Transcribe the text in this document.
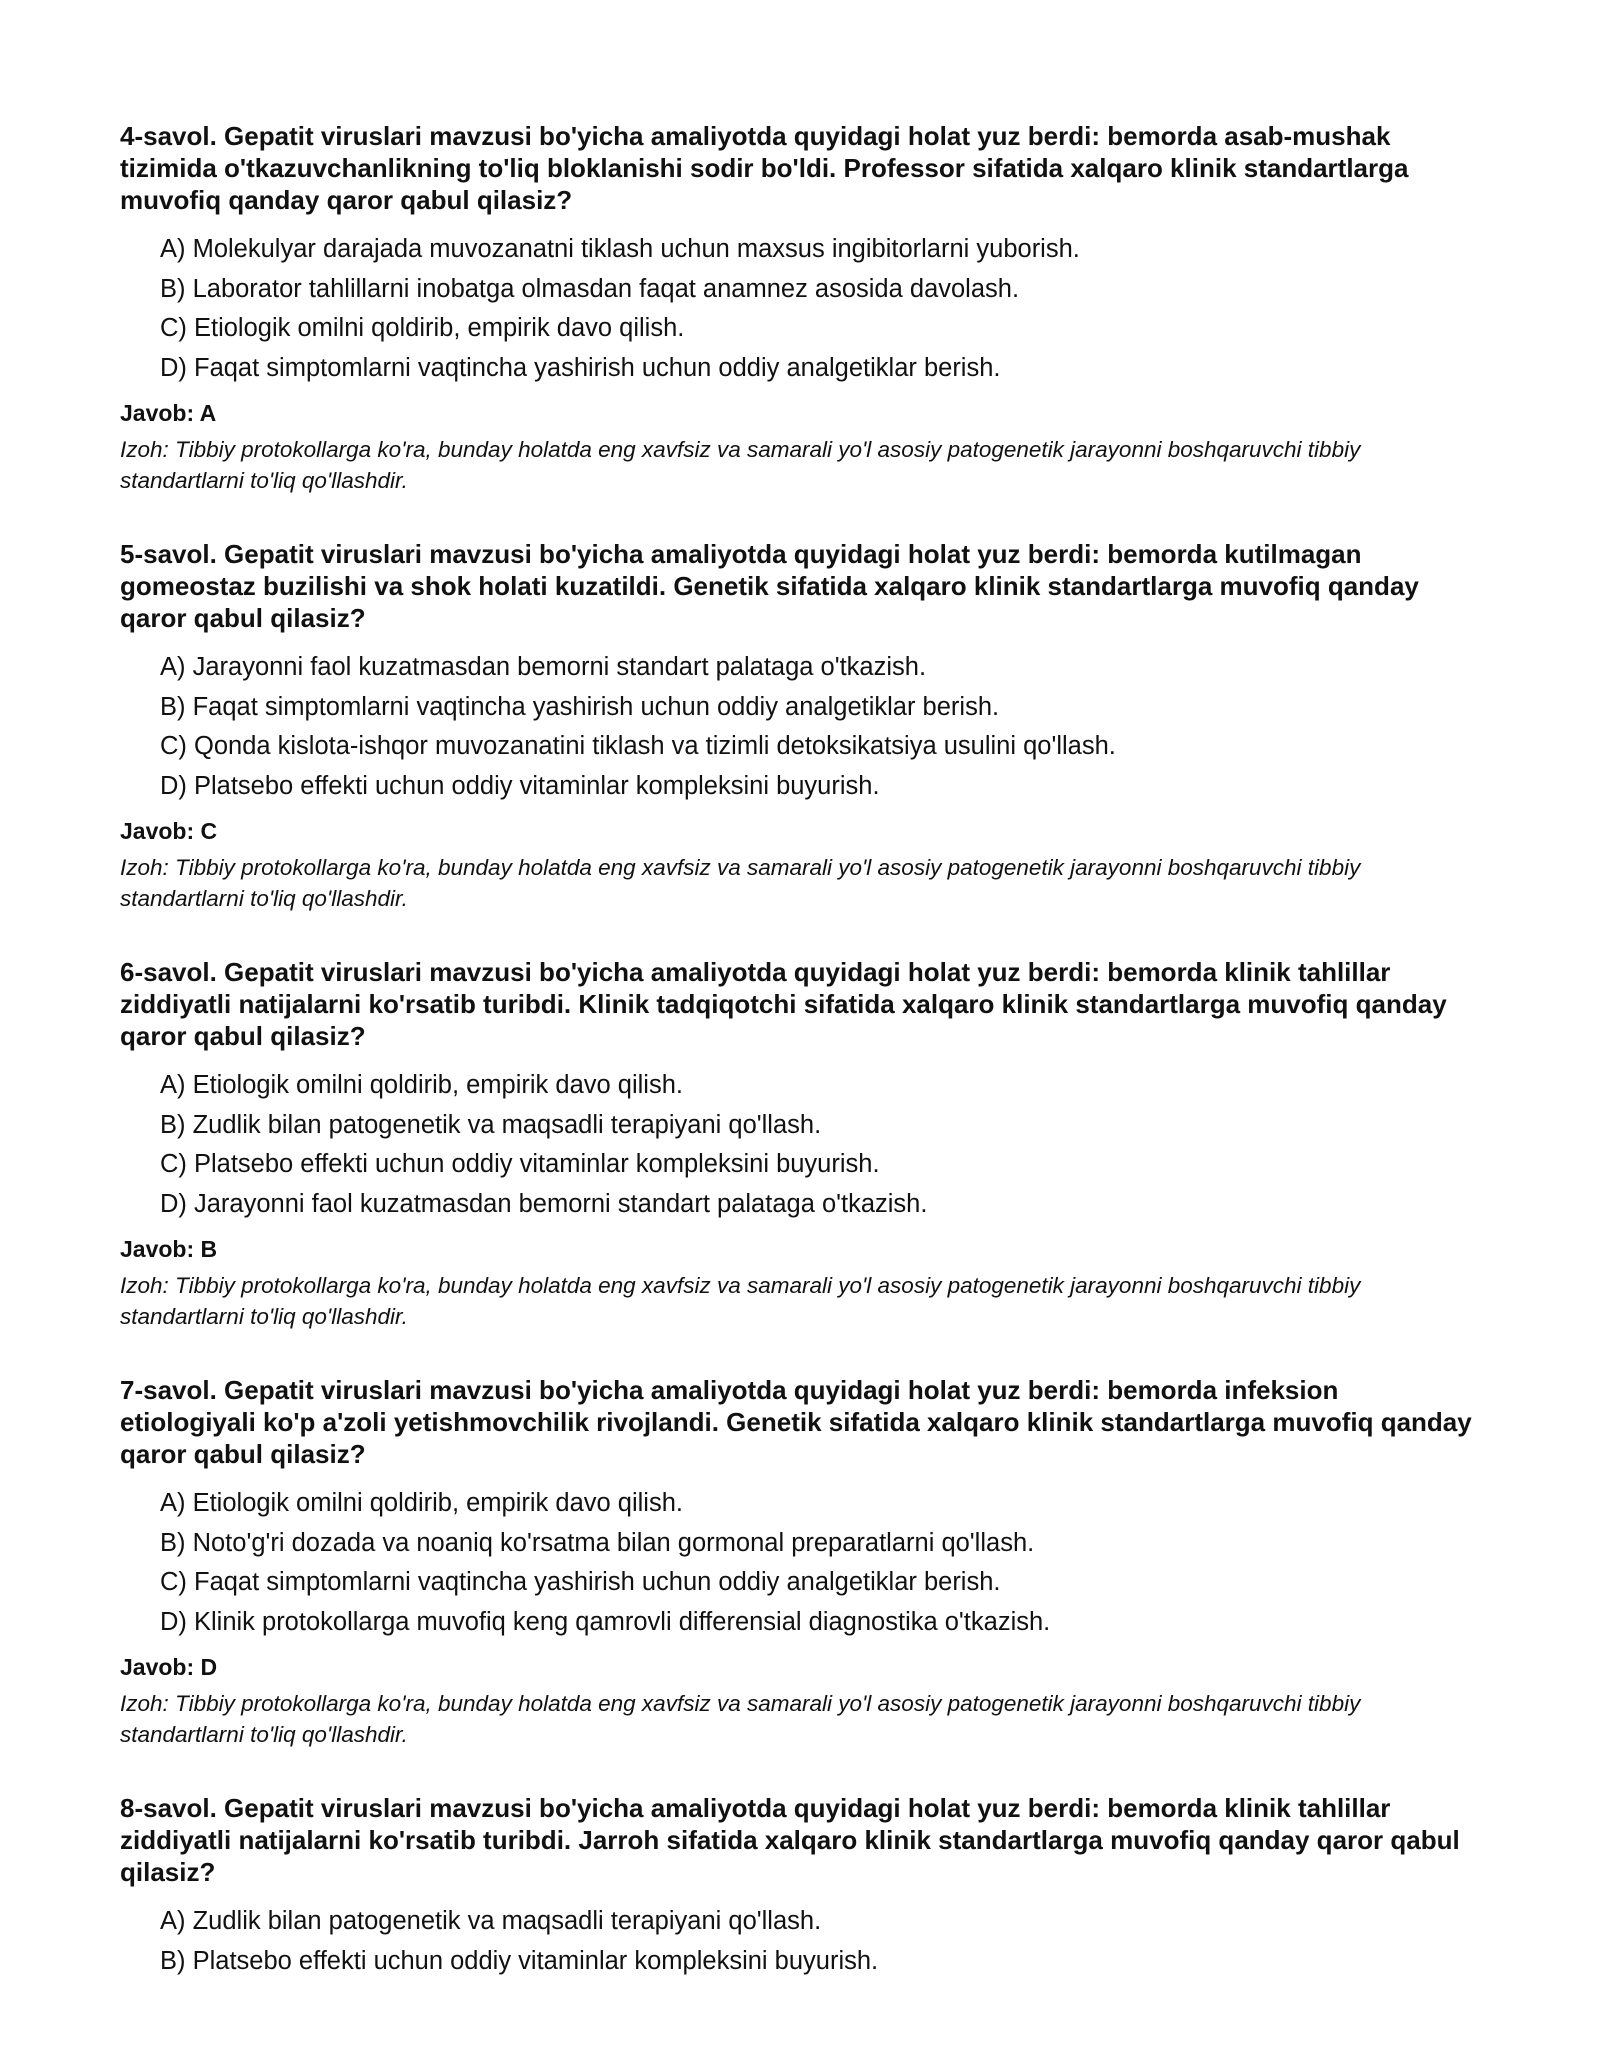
4-savol. Gepatit viruslari mavzusi bo'yicha amaliyotda quyidagi holat yuz berdi: bemorda asab-mushak tizimida o'tkazuvchanlikning to'liq bloklanishi sodir bo'ldi. Professor sifatida xalqaro klinik standartlarga muvofiq qanday qaror qabul qilasiz?
A) Molekulyar darajada muvozanatni tiklash uchun maxsus ingibitorlarni yuborish.
B) Laborator tahlillarni inobatga olmasdan faqat anamnez asosida davolash.
C) Etiologik omilni qoldirib, empirik davo qilish.
D) Faqat simptomlarni vaqtincha yashirish uchun oddiy analgetiklar berish.
Javob: A

Izoh: Tibbiy protokollarga ko'ra, bunday holatda eng xavfsiz va samarali yo'l asosiy patogenetik jarayonni boshqaruvchi tibbiy standartlarni to'liq qo'llashdir.

5-savol. Gepatit viruslari mavzusi bo'yicha amaliyotda quyidagi holat yuz berdi: bemorda kutilmagan gomeostaz buzilishi va shok holati kuzatildi. Genetik sifatida xalqaro klinik standartlarga muvofiq qanday qaror qabul qilasiz?
A) Jarayonni faol kuzatmasdan bemorni standart palataga o'tkazish.
B) Faqat simptomlarni vaqtincha yashirish uchun oddiy analgetiklar berish.
C) Qonda kislota-ishqor muvozanatini tiklash va tizimli detoksikatsiya usulini qo'llash.
D) Platsebo effekti uchun oddiy vitaminlar kompleksini buyurish.
Javob: C

Izoh: Tibbiy protokollarga ko'ra, bunday holatda eng xavfsiz va samarali yo'l asosiy patogenetik jarayonni boshqaruvchi tibbiy standartlarni to'liq qo'llashdir.

6-savol. Gepatit viruslari mavzusi bo'yicha amaliyotda quyidagi holat yuz berdi: bemorda klinik tahlillar ziddiyatli natijalarni ko'rsatib turibdi. Klinik tadqiqotchi sifatida xalqaro klinik standartlarga muvofiq qanday qaror qabul qilasiz?
A) Etiologik omilni qoldirib, empirik davo qilish.
B) Zudlik bilan patogenetik va maqsadli terapiyani qo'llash.
C) Platsebo effekti uchun oddiy vitaminlar kompleksini buyurish.
D) Jarayonni faol kuzatmasdan bemorni standart palataga o'tkazish.
Javob: B

Izoh: Tibbiy protokollarga ko'ra, bunday holatda eng xavfsiz va samarali yo'l asosiy patogenetik jarayonni boshqaruvchi tibbiy standartlarni to'liq qo'llashdir.

7-savol. Gepatit viruslari mavzusi bo'yicha amaliyotda quyidagi holat yuz berdi: bemorda infeksion etiologiyali ko'p a'zoli yetishmovchilik rivojlandi. Genetik sifatida xalqaro klinik standartlarga muvofiq qanday qaror qabul qilasiz?
A) Etiologik omilni qoldirib, empirik davo qilish.
B) Noto'g'ri dozada va noaniq ko'rsatma bilan gormonal preparatlarni qo'llash.
C) Faqat simptomlarni vaqtincha yashirish uchun oddiy analgetiklar berish.
D) Klinik protokollarga muvofiq keng qamrovli differensial diagnostika o'tkazish.
Javob: D

Izoh: Tibbiy protokollarga ko'ra, bunday holatda eng xavfsiz va samarali yo'l asosiy patogenetik jarayonni boshqaruvchi tibbiy standartlarni to'liq qo'llashdir.

8-savol. Gepatit viruslari mavzusi bo'yicha amaliyotda quyidagi holat yuz berdi: bemorda klinik tahlillar ziddiyatli natijalarni ko'rsatib turibdi. Jarroh sifatida xalqaro klinik standartlarga muvofiq qanday qaror qabul qilasiz?
A) Zudlik bilan patogenetik va maqsadli terapiyani qo'llash.
B) Platsebo effekti uchun oddiy vitaminlar kompleksini buyurish.
